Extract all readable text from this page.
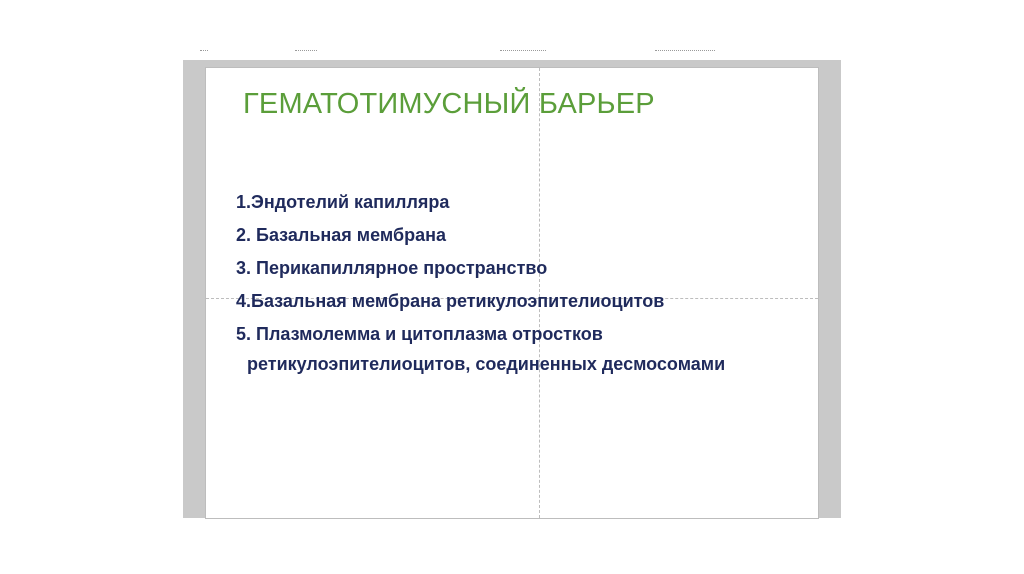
ГЕМАТОТИМУСНЫЙ БАРЬЕР
1.Эндотелий капилляра
2. Базальная мембрана
3. Перикапиллярное пространство
4.Базальная мембрана ретикулоэпителиоцитов
5. Плазмолемма и цитоплазма отростков
ретикулоэпителиоцитов, соединенных десмосомами
